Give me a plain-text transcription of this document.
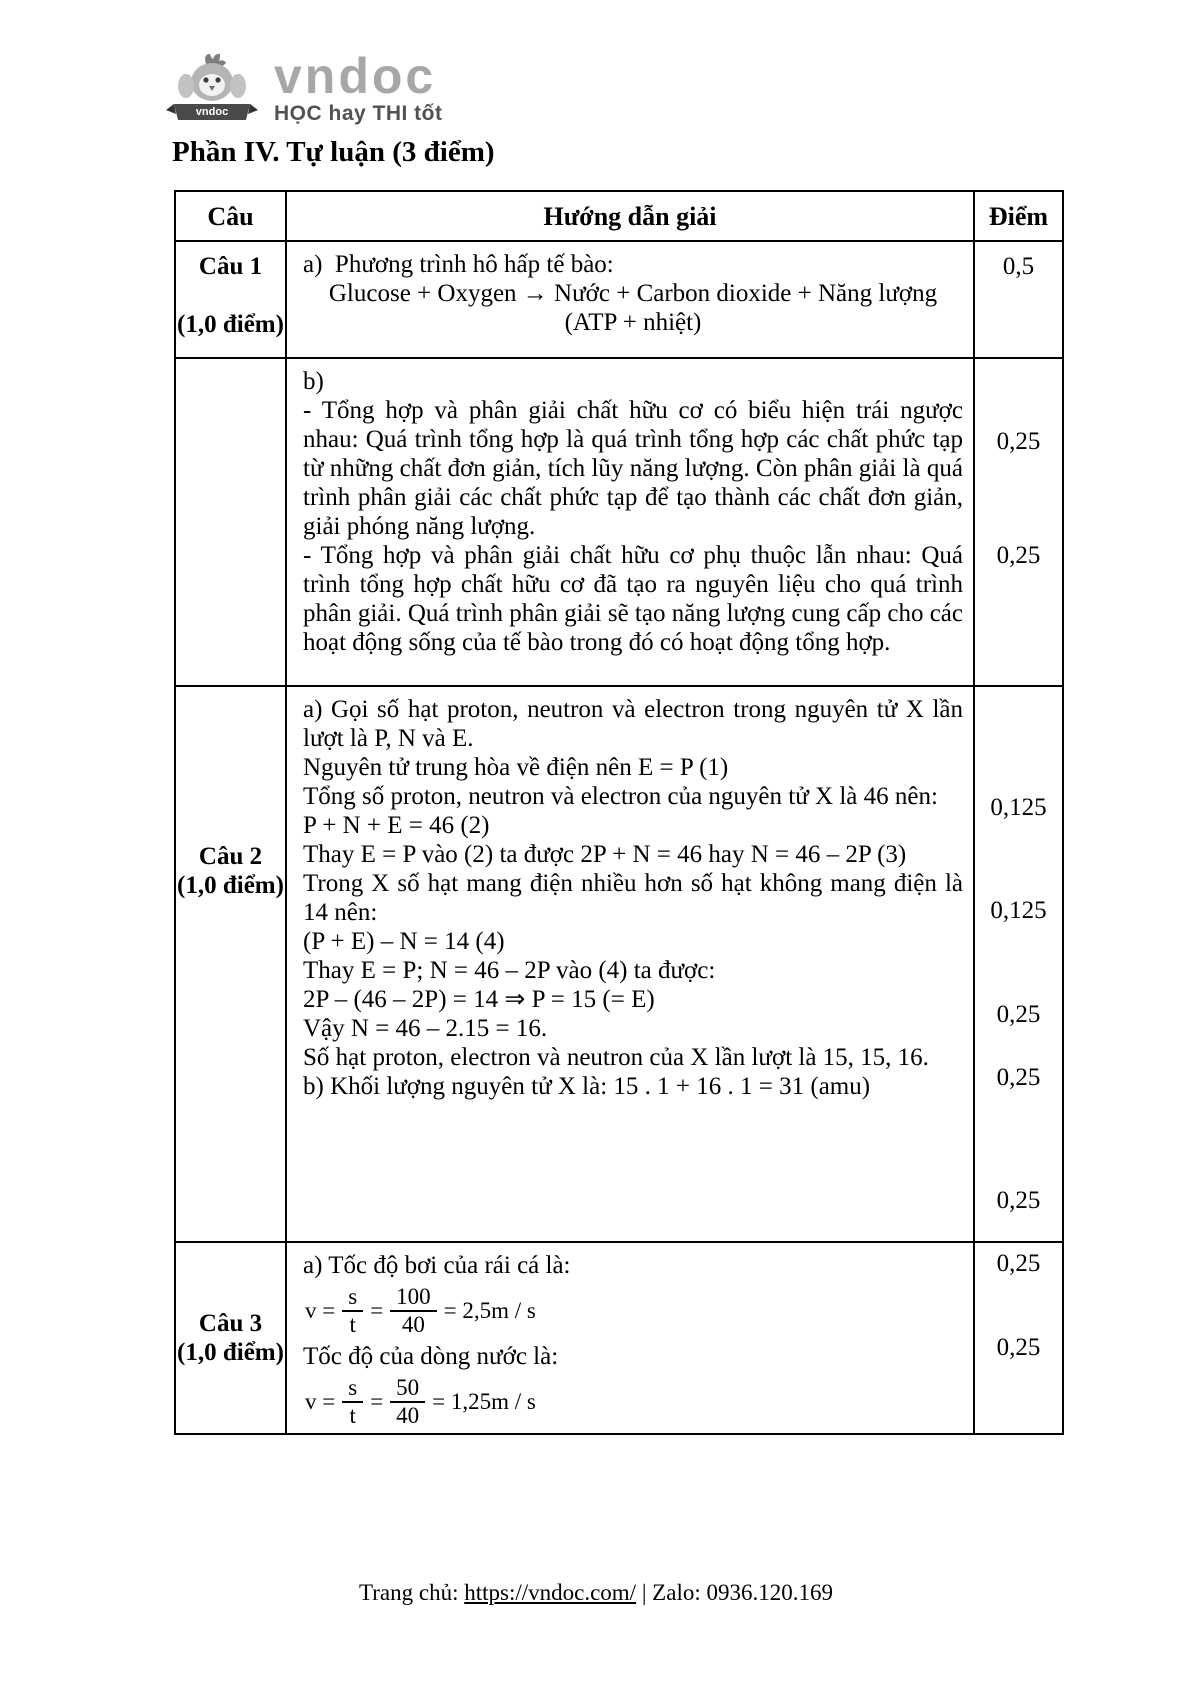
vndoc
vndoc
HỌC hay THI tốt
Phần IV. Tự luận (3 điểm)
Câu	Hướng dẫn giải	Điểm
Câu 1
(1,0 điểm)
a)  Phương trình hô hấp tế bào:
Glucose + Oxygen → Nước + Carbon dioxide + Năng lượng (ATP + nhiệt)
0,5
b)
- Tổng hợp và phân giải chất hữu cơ có biểu hiện trái ngược nhau: Quá trình tổng hợp là quá trình tổng hợp các chất phức tạp từ những chất đơn giản, tích lũy năng lượng. Còn phân giải là quá trình phân giải các chất phức tạp để tạo thành các chất đơn giản, giải phóng năng lượng.
- Tổng hợp và phân giải chất hữu cơ phụ thuộc lẫn nhau: Quá trình tổng hợp chất hữu cơ đã tạo ra nguyên liệu cho quá trình phân giải. Quá trình phân giải sẽ tạo năng lượng cung cấp cho các hoạt động sống của tế bào trong đó có hoạt động tổng hợp.
0,25
0,25
Câu 2
(1,0 điểm)
a) Gọi số hạt proton, neutron và electron trong nguyên tử X lần lượt là P, N và E.
Nguyên tử trung hòa về điện nên E = P (1)
Tổng số proton, neutron và electron của nguyên tử X là 46 nên:
P + N + E = 46 (2)
Thay E = P vào (2) ta được 2P + N = 46 hay N = 46 – 2P (3)
Trong X số hạt mang điện nhiều hơn số hạt không mang điện là 14 nên:
(P + E) – N = 14 (4)
Thay E = P; N = 46 – 2P vào (4) ta được:
2P – (46 – 2P) = 14 ⇒ P = 15 (= E)
Vậy N = 46 – 2.15 = 16.
Số hạt proton, electron và neutron của X lần lượt là 15, 15, 16.
b) Khối lượng nguyên tử X là: 15 . 1 + 16 . 1 = 31 (amu)
0,125
0,125
0,25
0,25
0,25
Câu 3
(1,0 điểm)
a) Tốc độ bơi của rái cá là:
$v = \frac{s}{t} = \frac{100}{40} = 2,5m / s$
Tốc độ của dòng nước là:
$v = \frac{s}{t} = \frac{50}{40} = 1,25m / s$
0,25
0,25
Trang chủ: https://vndoc.com/ | Zalo: 0936.120.169
